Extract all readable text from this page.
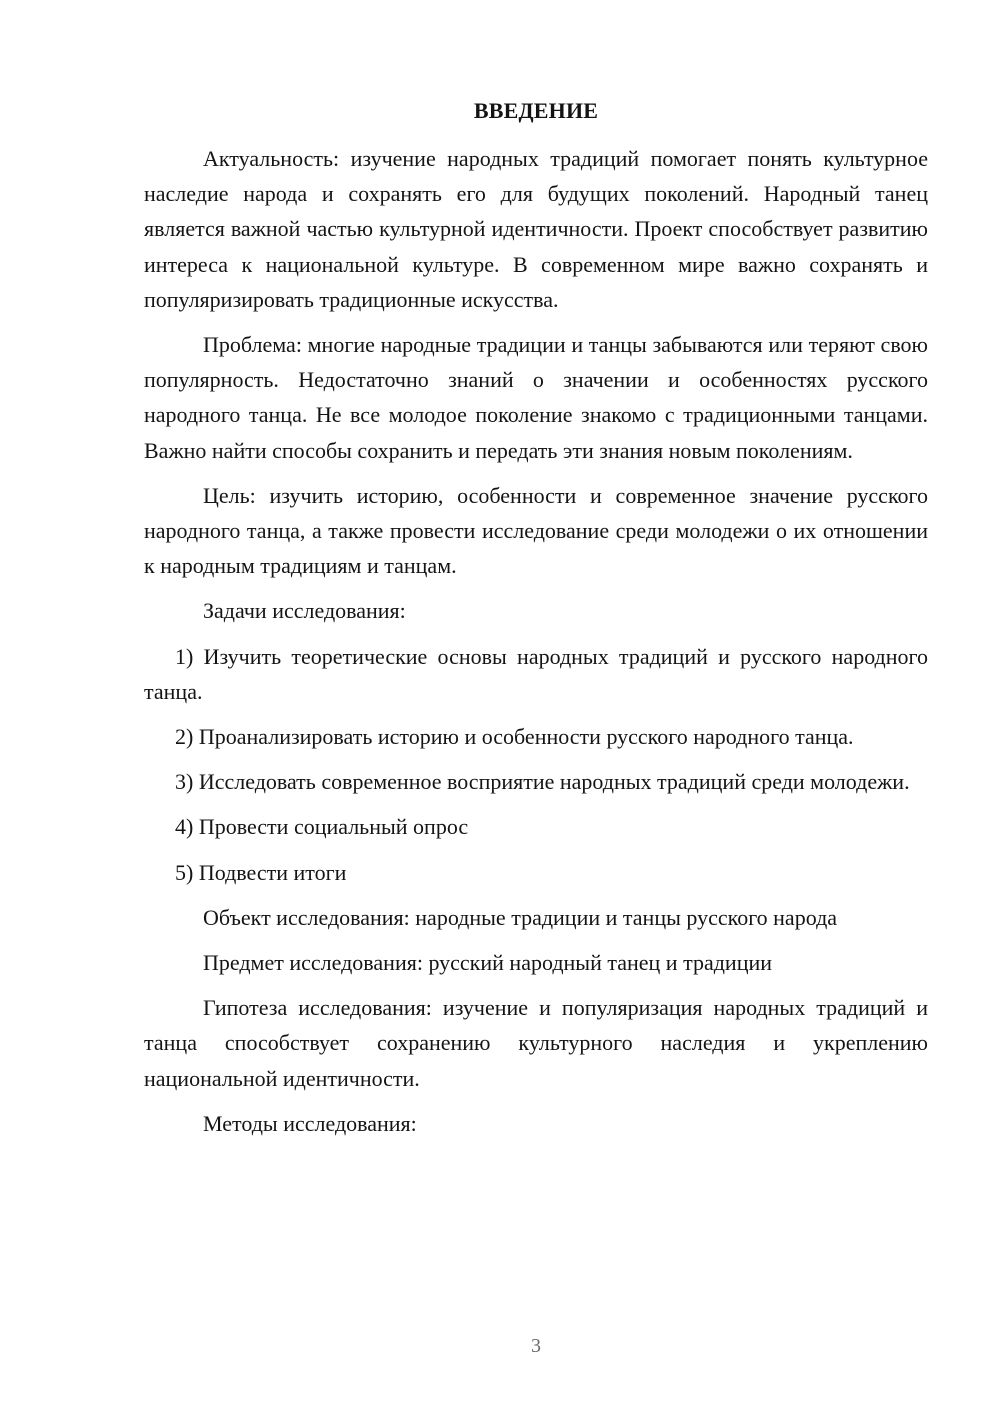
ВВЕДЕНИЕ

Актуальность: изучение народных традиций помогает понять культурное наследие народа и сохранять его для будущих поколений. Народный танец является важной частью культурной идентичности. Проект способствует развитию интереса к национальной культуре. В современном мире важно сохранять и популяризировать традиционные искусства.

Проблема: многие народные традиции и танцы забываются или теряют свою популярность. Недостаточно знаний о значении и особенностях русского народного танца. Не все молодое поколение знакомо с традиционными танцами. Важно найти способы сохранить и передать эти знания новым поколениям.

Цель: изучить историю, особенности и современное значение русского народного танца, а также провести исследование среди молодежи о их отношении к народным традициям и танцам.

Задачи исследования:

1) Изучить теоретические основы народных традиций и русского народного танца.

2) Проанализировать историю и особенности русского народного танца.

3) Исследовать современное восприятие народных традиций среди молодежи.

4) Провести социальный опрос

5) Подвести итоги

Объект исследования: народные традиции и танцы русского народа

Предмет исследования: русский народный танец и традиции

Гипотеза исследования: изучение и популяризация народных традиций и танца способствует сохранению культурного наследия и укреплению национальной идентичности.

Методы исследования:

3
